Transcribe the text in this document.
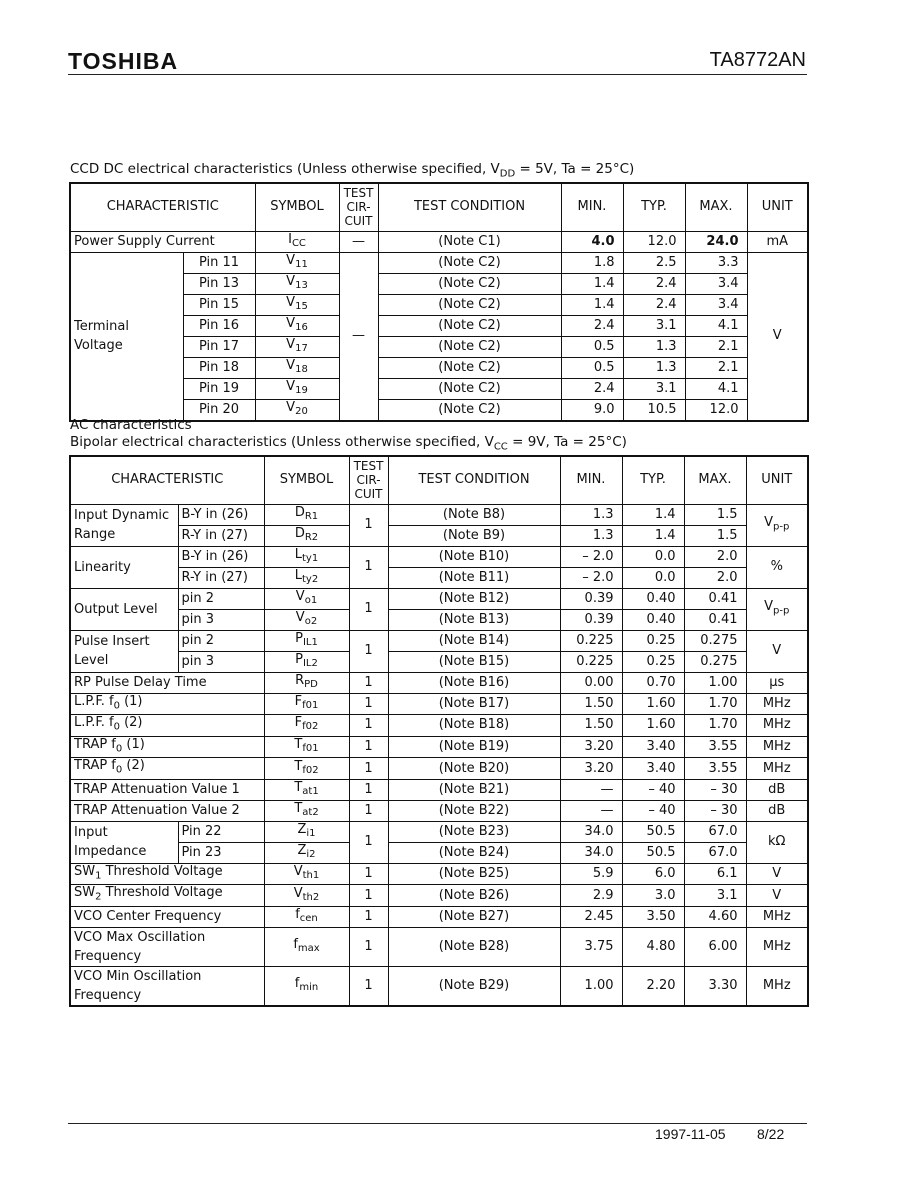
TOSHIBA	TA8772AN
CCD DC electrical characteristics (Unless otherwise specified, $V_{DD} = 5V$, Ta = 25°C)
CHARACTERISTIC		SYMBOL	TEST
CIR-
CUIT	TEST CONDITION	MIN.	TYP.	MAX.	UNIT
Power Supply Current		$I_{CC}$	—	(Note C1)	4.0	12.0	24.0	mA
Terminal
Voltage	Pin 11	$V_{11}$	—	(Note C2)	1.8	2.5	3.3	V
	Pin 13	$V_{13}$		(Note C2)	1.4	2.4	3.4	
	Pin 15	$V_{15}$		(Note C2)	1.4	2.4	3.4	
	Pin 16	$V_{16}$		(Note C2)	2.4	3.1	4.1	
	Pin 17	$V_{17}$		(Note C2)	0.5	1.3	2.1	
	Pin 18	$V_{18}$		(Note C2)	0.5	1.3	2.1	
	Pin 19	$V_{19}$		(Note C2)	2.4	3.1	4.1	
	Pin 20	$V_{20}$		(Note C2)	9.0	10.5	12.0	
AC characteristics
Bipolar electrical characteristics (Unless otherwise specified, $V_{CC} = 9V$, Ta = 25°C)
CHARACTERISTIC		SYMBOL	TEST
CIR-
CUIT	TEST CONDITION	MIN.	TYP.	MAX.	UNIT
Input Dynamic
Range	B-Y in (26)	$D_{R1}$	1	(Note B8)	1.3	1.4	1.5	$V_{p-p}$
	R-Y in (27)	$D_{R2}$		(Note B9)	1.3	1.4	1.5	
Linearity	B-Y in (26)	$L_{ty1}$	1	(Note B10)	– 2.0	0.0	2.0	%
	R-Y in (27)	$L_{ty2}$		(Note B11)	– 2.0	0.0	2.0	
Output Level	pin 2	$V_{o1}$	1	(Note B12)	0.39	0.40	0.41	$V_{p-p}$
	pin 3	$V_{o2}$		(Note B13)	0.39	0.40	0.41	
Pulse Insert
Level	pin 2	$P_{IL1}$	1	(Note B14)	0.225	0.25	0.275	V
	pin 3	$P_{IL2}$		(Note B15)	0.225	0.25	0.275	
RP Pulse Delay Time		$R_{PD}$	1	(Note B16)	0.00	0.70	1.00	μs
L.P.F. $f_0$ (1)		$F_{f01}$	1	(Note B17)	1.50	1.60	1.70	MHz
L.P.F. $f_0$ (2)		$F_{f02}$	1	(Note B18)	1.50	1.60	1.70	MHz
TRAP $f_0$ (1)		$T_{f01}$	1	(Note B19)	3.20	3.40	3.55	MHz
TRAP $f_0$ (2)		$T_{f02}$	1	(Note B20)	3.20	3.40	3.55	MHz
TRAP Attenuation Value 1		$T_{at1}$	1	(Note B21)	—	– 40	– 30	dB
TRAP Attenuation Value 2		$T_{at2}$	1	(Note B22)	—	– 40	– 30	dB
Input
Impedance	Pin 22	$Z_{i1}$	1	(Note B23)	34.0	50.5	67.0	kΩ
	Pin 23	$Z_{i2}$		(Note B24)	34.0	50.5	67.0	
$SW_1$ Threshold Voltage		$V_{th1}$	1	(Note B25)	5.9	6.0	6.1	V
$SW_2$ Threshold Voltage		$V_{th2}$	1	(Note B26)	2.9	3.0	3.1	V
VCO Center Frequency		$f_{cen}$	1	(Note B27)	2.45	3.50	4.60	MHz
VCO Max Oscillation
Frequency		$f_{max}$	1	(Note B28)	3.75	4.80	6.00	MHz
VCO Min Oscillation
Frequency		$f_{min}$	1	(Note B29)	1.00	2.20	3.30	MHz
1997-11-05 8/22
